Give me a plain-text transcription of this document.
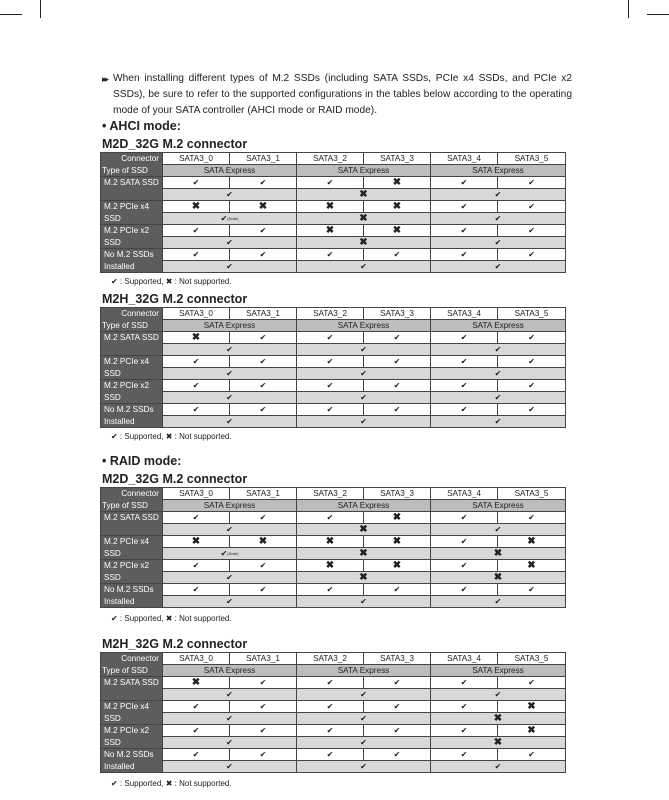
▸▸ When installing different types of M.2 SSDs (including SATA SSDs, PCIe x4 SSDs, and PCIe x2 SSDs), be sure to refer to the supported configurations in the tables below according to the operating mode of your SATA controller (AHCI mode or RAID mode).
• AHCI mode:
M2D_32G M.2 connector
Connector	SATA3_0	SATA3_1	SATA3_2	SATA3_3	SATA3_4	SATA3_5
Type of SSD	SATA Express		SATA Express		SATA Express	
M.2 SATA SSD	✔	✔	✔	✖	✔	✔
	✔		✖		✔	
M.2 PCIe x4	✖	✖	✖	✖	✔	✔
SSD	✔$^{(Note)}$		✖		✔	
M.2 PCIe x2	✔	✔	✖	✖	✔	✔
SSD	✔		✖		✔	
No M.2 SSDs	✔	✔	✔	✔	✔	✔
Installed	✔		✔		✔	
✔ : Supported, ✖ : Not supported.
M2H_32G M.2 connector
Connector	SATA3_0	SATA3_1	SATA3_2	SATA3_3	SATA3_4	SATA3_5
Type of SSD	SATA Express		SATA Express		SATA Express	
M.2 SATA SSD	✖	✔	✔	✔	✔	✔
	✔		✔		✔	
M.2 PCIe x4	✔	✔	✔	✔	✔	✔
SSD	✔		✔		✔	
M.2 PCIe x2	✔	✔	✔	✔	✔	✔
SSD	✔		✔		✔	
No M.2 SSDs	✔	✔	✔	✔	✔	✔
Installed	✔		✔		✔	
✔ : Supported, ✖ : Not supported.
• RAID mode:
M2D_32G M.2 connector
Connector	SATA3_0	SATA3_1	SATA3_2	SATA3_3	SATA3_4	SATA3_5
Type of SSD	SATA Express		SATA Express		SATA Express	
M.2 SATA SSD	✔	✔	✔	✖	✔	✔
	✔		✖		✔	
M.2 PCIe x4	✖	✖	✖	✖	✔	✖
SSD	✔$^{(Note)}$		✖		✖	
M.2 PCIe x2	✔	✔	✖	✖	✔	✖
SSD	✔		✖		✖	
No M.2 SSDs	✔	✔	✔	✔	✔	✔
Installed	✔		✔		✔	
✔ : Supported, ✖ : Not supported.
M2H_32G M.2 connector
Connector	SATA3_0	SATA3_1	SATA3_2	SATA3_3	SATA3_4	SATA3_5
Type of SSD	SATA Express		SATA Express		SATA Express	
M.2 SATA SSD	✖	✔	✔	✔	✔	✔
	✔		✔		✔	
M.2 PCIe x4	✔	✔	✔	✔	✔	✖
SSD	✔		✔		✖	
M.2 PCIe x2	✔	✔	✔	✔	✔	✖
SSD	✔		✔		✖	
No M.2 SSDs	✔	✔	✔	✔	✔	✔
Installed	✔		✔		✔	
✔ : Supported, ✖ : Not supported.
